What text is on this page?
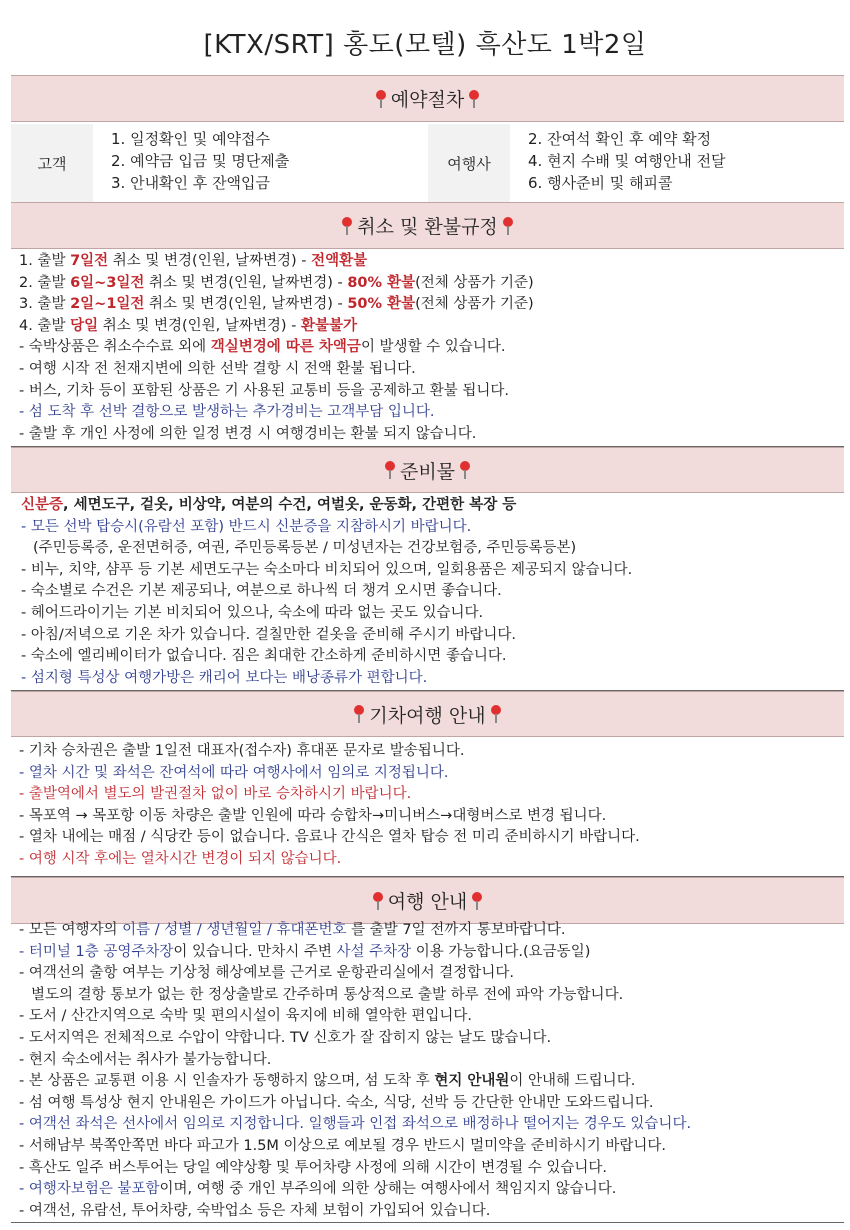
[KTX/SRT] 홍도(모텔) 흑산도 1박2일
예약절차
고객
1. 일정확인 및 예약접수
2. 예약금 입금 및 명단제출
3. 안내확인 후 잔액입금
여행사
2. 잔여석 확인 후 예약 확정
4. 현지 수배 및 여행안내 전달
6. 행사준비 및 해피콜
취소 및 환불규정
1. 출발 7일전 취소 및 변경(인원, 날짜변경) - 전액환불
2. 출발 6일~3일전 취소 및 변경(인원, 날짜변경) - 80% 환불(전체 상품가 기준)
3. 출발 2일~1일전 취소 및 변경(인원, 날짜변경) - 50% 환불(전체 상품가 기준)
4. 출발 당일 취소 및 변경(인원, 날짜변경) - 환불불가
- 숙박상품은 취소수수료 외에 객실변경에 따른 차액금이 발생할 수 있습니다.
- 여행 시작 전 천재지변에 의한 선박 결항 시 전액 환불 됩니다.
- 버스, 기차 등이 포함된 상품은 기 사용된 교통비 등을 공제하고 환불 됩니다.
- 섬 도착 후 선박 결항으로 발생하는 추가경비는 고객부담 입니다.
- 출발 후 개인 사정에 의한 일정 변경 시 여행경비는 환불 되지 않습니다.
준비물
신분증, 세면도구, 겉옷, 비상약, 여분의 수건, 여벌옷, 운동화, 간편한 복장 등
- 모든 선박 탑승시(유람선 포함) 반드시 신분증을 지참하시기 바랍니다.
(주민등록증, 운전면허증, 여권, 주민등록등본 / 미성년자는 건강보험증, 주민등록등본)
- 비누, 치약, 샴푸 등 기본 세면도구는 숙소마다 비치되어 있으며, 일회용품은 제공되지 않습니다.
- 숙소별로 수건은 기본 제공되나, 여분으로 하나씩 더 챙겨 오시면 좋습니다.
- 헤어드라이기는 기본 비치되어 있으나, 숙소에 따라 없는 곳도 있습니다.
- 아침/저녁으로 기온 차가 있습니다. 걸칠만한 겉옷을 준비해 주시기 바랍니다.
- 숙소에 엘리베이터가 없습니다. 짐은 최대한 간소하게 준비하시면 좋습니다.
- 섬지형 특성상 여행가방은 캐리어 보다는 배낭종류가 편합니다.
기차여행 안내
- 기차 승차권은 출발 1일전 대표자(접수자) 휴대폰 문자로 발송됩니다.
- 열차 시간 및 좌석은 잔여석에 따라 여행사에서 임의로 지정됩니다.
- 출발역에서 별도의 발권절차 없이 바로 승차하시기 바랍니다.
- 목포역 → 목포항 이동 차량은 출발 인원에 따라 승합차→미니버스→대형버스로 변경 됩니다.
- 열차 내에는 매점 / 식당칸 등이 없습니다. 음료나 간식은 열차 탑승 전 미리 준비하시기 바랍니다.
- 여행 시작 후에는 열차시간 변경이 되지 않습니다.
여행 안내
- 모든 여행자의 이름 / 성별 / 생년월일 / 휴대폰번호 를 출발 7일 전까지 통보바랍니다.
- 터미널 1층 공영주차장이 있습니다. 만차시 주변 사설 주차장 이용 가능합니다.(요금동일)
- 여객선의 출항 여부는 기상청 해상예보를 근거로 운항관리실에서 결정합니다.
별도의 결항 통보가 없는 한 정상출발로 간주하며 통상적으로 출발 하루 전에 파악 가능합니다.
- 도서 / 산간지역으로 숙박 및 편의시설이 육지에 비해 열악한 편입니다.
- 도서지역은 전체적으로 수압이 약합니다. TV 신호가 잘 잡히지 않는 날도 많습니다.
- 현지 숙소에서는 취사가 불가능합니다.
- 본 상품은 교통편 이용 시 인솔자가 동행하지 않으며, 섬 도착 후 현지 안내원이 안내해 드립니다.
- 섬 여행 특성상 현지 안내원은 가이드가 아닙니다. 숙소, 식당, 선박 등 간단한 안내만 도와드립니다.
- 여객선 좌석은 선사에서 임의로 지정합니다. 일행들과 인접 좌석으로 배정하나 떨어지는 경우도 있습니다.
- 서해남부 북쪽안쪽먼 바다 파고가 1.5M 이상으로 예보될 경우 반드시 멀미약을 준비하시기 바랍니다.
- 흑산도 일주 버스투어는 당일 예약상황 및 투어차량 사정에 의해 시간이 변경될 수 있습니다.
- 여행자보험은 불포함이며, 여행 중 개인 부주의에 의한 상해는 여행사에서 책임지지 않습니다.
- 여객선, 유람선, 투어차량, 숙박업소 등은 자체 보험이 가입되어 있습니다.
